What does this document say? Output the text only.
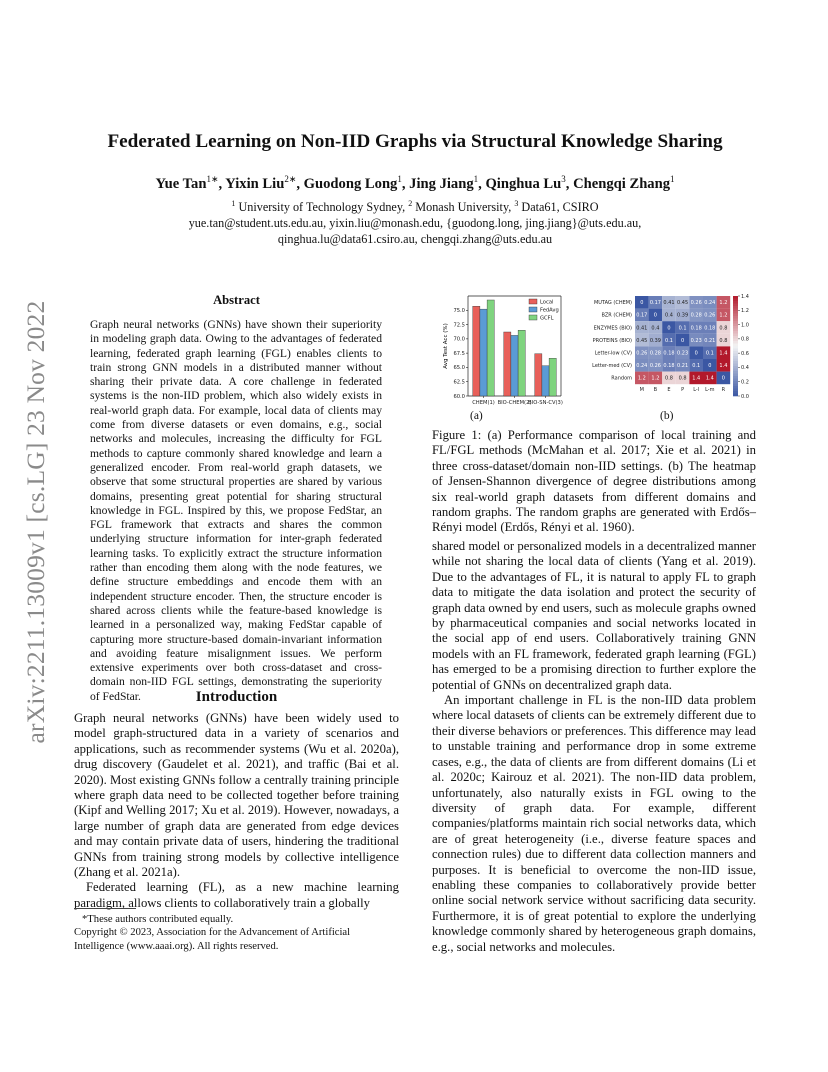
arXiv:2211.13009v1 [cs.LG] 23 Nov 2022
Federated Learning on Non-IID Graphs via Structural Knowledge Sharing
Yue Tan$^{1∗}$, Yixin Liu$^{2∗}$, Guodong Long$^1$, Jing Jiang$^1$, Qinghua Lu$^3$, Chengqi Zhang$^1$
$^1$ University of Technology Sydney, $^2$ Monash University, $^3$ Data61, CSIRO
yue.tan@student.uts.edu.au, yixin.liu@monash.edu, {guodong.long, jing.jiang}@uts.edu.au,
qinghua.lu@data61.csiro.au, chengqi.zhang@uts.edu.au
Abstract
Graph neural networks (GNNs) have shown their superiority in modeling graph data. Owing to the advantages of federated learning, federated graph learning (FGL) enables clients to train strong GNN models in a distributed manner without sharing their private data. A core challenge in federated systems is the non-IID problem, which also widely exists in real-world graph data. For example, local data of clients may come from diverse datasets or even domains, e.g., social networks and molecules, increasing the difficulty for FGL methods to capture commonly shared knowledge and learn a generalized encoder. From real-world graph datasets, we observe that some structural properties are shared by various domains, presenting great potential for sharing structural knowledge in FGL. Inspired by this, we propose FedStar, an FGL framework that extracts and shares the common underlying structure information for inter-graph federated learning tasks. To explicitly extract the structure information rather than encoding them along with the node features, we define structure embeddings and encode them with an independent structure encoder. Then, the structure encoder is shared across clients while the feature-based knowledge is learned in a personalized way, making FedStar capable of capturing more structure-based domain-invariant information and avoiding feature misalignment issues. We perform extensive experiments over both cross-dataset and cross-domain non-IID FGL settings, demonstrating the superiority of FedStar.	Introduction
Graph neural networks (GNNs) have been widely used to model graph-structured data in a variety of scenarios and applications, such as recommender systems (Wu et al. 2020a), drug discovery (Gaudelet et al. 2021), and traffic (Bai et al. 2020). Most existing GNNs follow a centrally training principle where graph data need to be collected together before training (Kipf and Welling 2017; Xu et al. 2019). However, nowadays, a large number of graph data are generated from edge devices and may contain private data of users, hindering the traditional GNNs from training strong models by collective intelligence (Zhang et al. 2021a).
Federated learning (FL), as a new machine learning paradigm, allows clients to collaboratively train a globally
*These authors contributed equally.
Copyright © 2023, Association for the Advancement of Artificial Intelligence (www.aaai.org). All rights reserved.
60.0
62.5
65.0
67.5
70.0
72.5
75.0
CHEM(1) BIO-CHEM(2)
BIO-SN-CV(3)
Avg Test Acc (%)
Local
FedAvg
GCFL
0 0.17 0.41 0.45 0.26 0.24 1.2
0.17 0 0.4 0.39 0.28 0.26 1.2
0.41 0.4 0 0.1 0.18 0.18 0.8
0.45 0.39 0.1 0 0.23 0.21 0.8
0.26 0.28 0.18 0.23 0 0.1 1.4
0.24 0.26 0.18 0.21 0.1 0 1.4
1.2 1.2 0.8 0.8 1.4 1.4 0
MUTAG (CHEM)
BZR (CHEM)
ENZYMES (BIO)
PROTEINS (BIO)
Letter-low (CV)
Letter-med (CV)
Random
M B E P L-l L-m R
0.0
0.2
0.4
0.6
0.8
1.0
1.2
1.4
(a)	(b)
Figure 1: (a) Performance comparison of local training and FL/FGL methods (McMahan et al. 2017; Xie et al. 2021) in three cross-dataset/domain non-IID settings. (b) The heatmap of Jensen-Shannon divergence of degree distributions among six real-world graph datasets from different domains and random graphs. The random graphs are generated with Erdős–Rényi model (Erdős, Rényi et al. 1960).
shared model or personalized models in a decentralized manner while not sharing the local data of clients (Yang et al. 2019). Due to the advantages of FL, it is natural to apply FL to graph data to mitigate the data isolation and protect the security of graph data owned by end users, such as molecule graphs owned by pharmaceutical companies and social networks located in the social app of end users. Collaboratively training GNN models with an FL framework, federated graph learning (FGL) has emerged to be a promising direction to further explore the potential of GNNs on decentralized graph data.
An important challenge in FL is the non-IID data problem where local datasets of clients can be extremely different due to their diverse behaviors or preferences. This difference may lead to unstable training and performance drop in some extreme cases, e.g., the data of clients are from different domains (Li et al. 2020c; Kairouz et al. 2021). The non-IID data problem, unfortunately, also naturally exists in FGL owing to the diversity of graph data. For example, different companies/platforms maintain rich social networks data, which are of great heterogeneity (i.e., diverse feature spaces and connection rules) due to different data collection manners and purposes. It is beneficial to overcome the non-IID issue, enabling these companies to collaboratively provide better online social network service without sacrificing data security. Furthermore, it is of great potential to explore the underlying knowledge commonly shared by heterogeneous graph domains, e.g., social networks and molecules.
